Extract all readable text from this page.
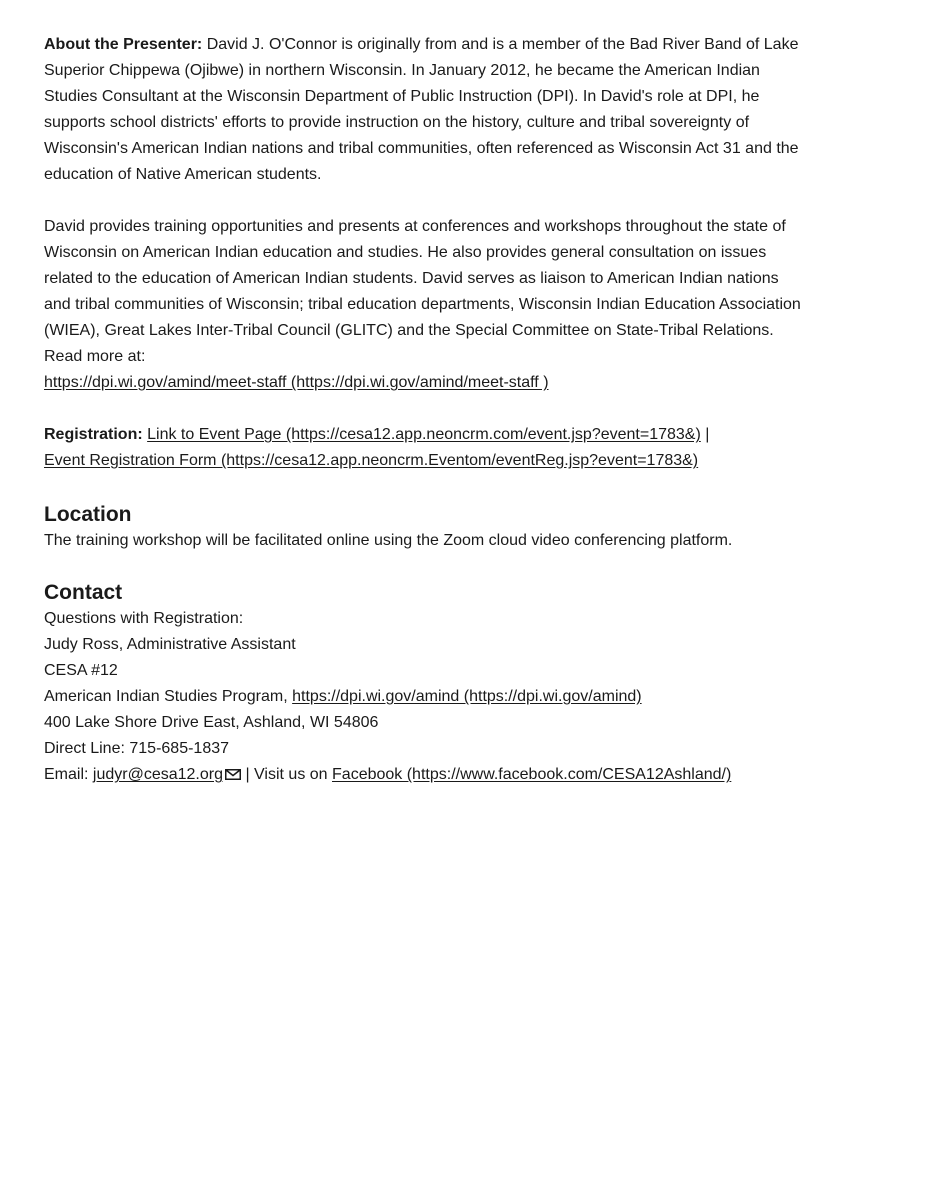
About the Presenter: David J. O'Connor is originally from and is a member of the Bad River Band of Lake Superior Chippewa (Ojibwe) in northern Wisconsin. In January 2012, he became the American Indian Studies Consultant at the Wisconsin Department of Public Instruction (DPI). In David's role at DPI, he supports school districts' efforts to provide instruction on the history, culture and tribal sovereignty of Wisconsin's American Indian nations and tribal communities, often referenced as Wisconsin Act 31 and the education of Native American students.

David provides training opportunities and presents at conferences and workshops throughout the state of Wisconsin on American Indian education and studies. He also provides general consultation on issues related to the education of American Indian students. David serves as liaison to American Indian nations and tribal communities of Wisconsin; tribal education departments, Wisconsin Indian Education Association (WIEA), Great Lakes Inter-Tribal Council (GLITC) and the Special Committee on State-Tribal Relations. Read more at:
https://dpi.wi.gov/amind/meet-staff (https://dpi.wi.gov/amind/meet-staff )

Registration: Link to Event Page (https://cesa12.app.neoncrm.com/event.jsp?event=1783&) |
Event Registration Form (https://cesa12.app.neoncrm.Eventom/eventReg.jsp?event=1783&)

Location

The training workshop will be facilitated online using the Zoom cloud video conferencing platform.

Contact
Questions with Registration:
Judy Ross, Administrative Assistant
CESA #12
American Indian Studies Program, https://dpi.wi.gov/amind (https://dpi.wi.gov/amind)
400 Lake Shore Drive East, Ashland, WI 54806
Direct Line: 715-685-1837
Email: judyr@cesa12.org | Visit us on Facebook (https://www.facebook.com/CESA12Ashland/)
